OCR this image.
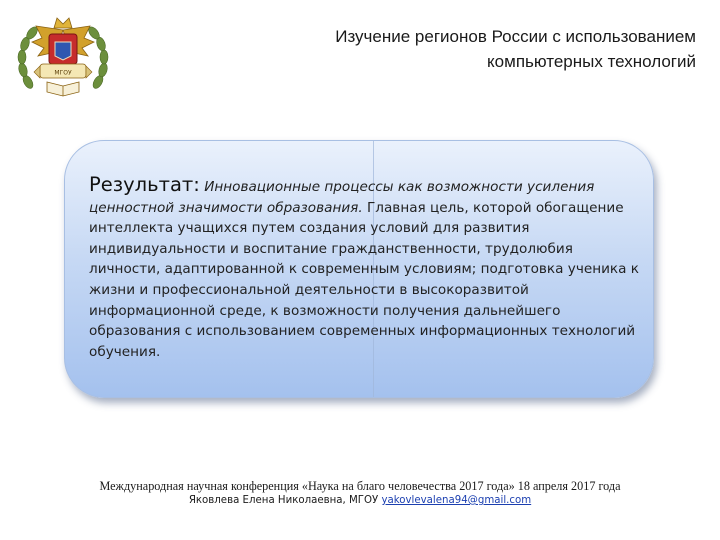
МГОУ
Изучение регионов России с использованием
компьютерных технологий
Результат: Инновационные процессы как возможности усиления ценностной значимости образования. Главная цель, которой обогащение интеллекта учащихся путем создания условий для развития индивидуальности и воспитание гражданственности, трудолюбия личности, адаптированной к современным условиям; подготовка ученика к жизни и профессиональной деятельности в высокоразвитой информационной среде, к возможности получения дальнейшего образования с использованием современных информационных технологий обучения.
Международная научная конференция «Наука на благо человечества 2017 года» 18 апреля 2017 года
Яковлева Елена Николаевна, МГОУ yakovlevalena94@gmail.com
